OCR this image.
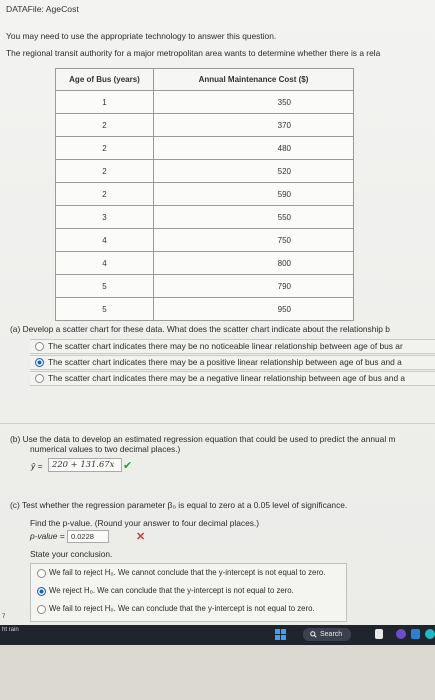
DATAFile: AgeCost
You may need to use the appropriate technology to answer this question.
The regional transit authority for a major metropolitan area wants to determine whether there is a rela
Age of Bus (years)	Annual Maintenance Cost ($)
1	350
2	370
2	480
2	520
2	590
3	550
4	750
4	800
5	790
5	950
(a) Develop a scatter chart for these data. What does the scatter chart indicate about the relationship b
The scatter chart indicates there may be no noticeable linear relationship between age of bus ar
The scatter chart indicates there may be a positive linear relationship between age of bus and a
The scatter chart indicates there may be a negative linear relationship between age of bus and a
(b) Use the data to develop an estimated regression equation that could be used to predict the annual m
numerical values to two decimal places.)
ŷ =	220 + 131.67x ✔
(c) Test whether the regression parameter β₀ is equal to zero at a 0.05 level of significance.
Find the p-value. (Round your answer to four decimal places.)
p-value = 0.0228	✕
State your conclusion.
We fail to reject H₀. We cannot conclude that the y-intercept is not equal to zero.
We reject H₀. We can conclude that the y-intercept is not equal to zero.
We fail to reject H₀. We can conclude that the y-intercept is not equal to zero.
7
ht rain
Search
